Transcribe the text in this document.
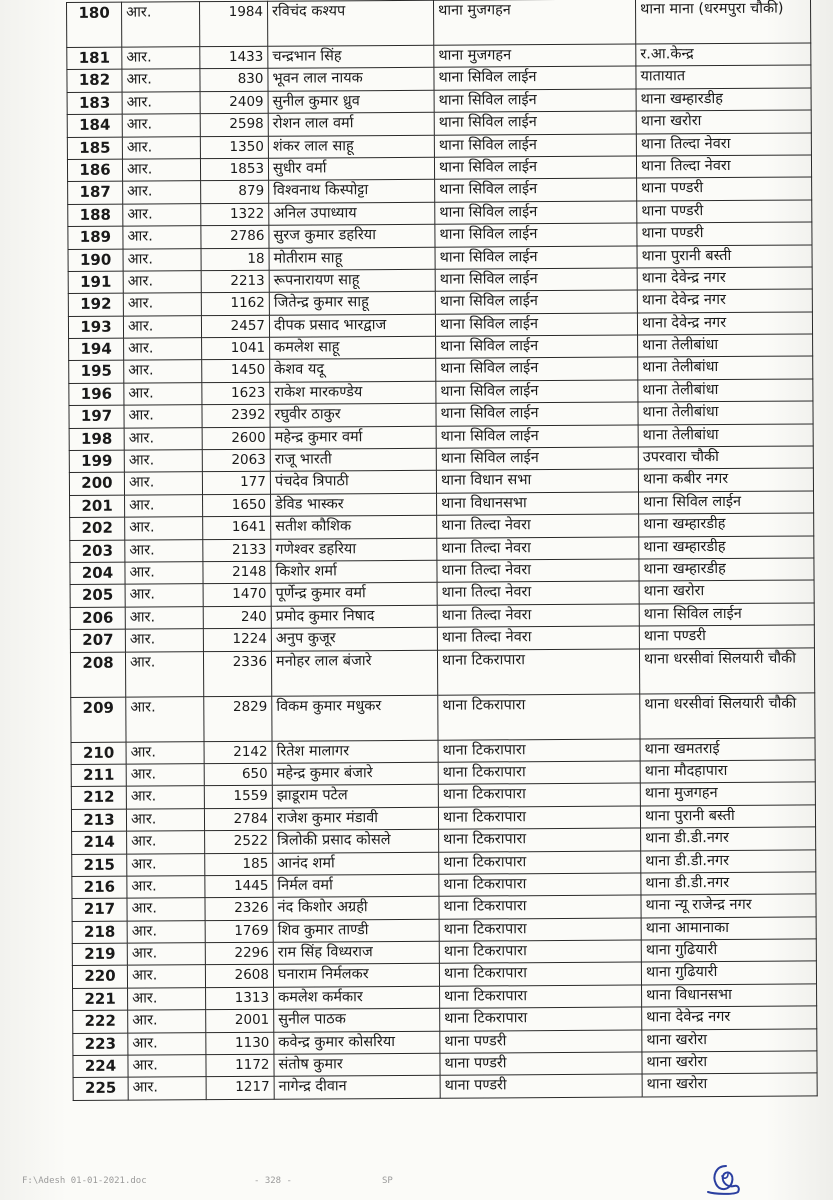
180	आर.	1984	रविचंद कश्यप	थाना मुजगहन	थाना माना (धरमपुरा चौकी)
181	आर.	1433	चन्द्रभान सिंह	थाना मुजगहन	र.आ.केन्द्र
182	आर.	830	भूवन लाल नायक	थाना सिविल लाईन	यातायात
183	आर.	2409	सुनील कुमार ध्रुव	थाना सिविल लाईन	थाना खम्हारडीह
184	आर.	2598	रोशन लाल वर्मा	थाना सिविल लाईन	थाना खरोरा
185	आर.	1350	शंकर लाल साहू	थाना सिविल लाईन	थाना तिल्दा नेवरा
186	आर.	1853	सुधीर वर्मा	थाना सिविल लाईन	थाना तिल्दा नेवरा
187	आर.	879	विश्वनाथ किस्पोट्टा	थाना सिविल लाईन	थाना पण्डरी
188	आर.	1322	अनिल उपाध्याय	थाना सिविल लाईन	थाना पण्डरी
189	आर.	2786	सुरज कुमार डहरिया	थाना सिविल लाईन	थाना पण्डरी
190	आर.	18	मोतीराम साहू	थाना सिविल लाईन	थाना पुरानी बस्ती
191	आर.	2213	रूपनारायण साहू	थाना सिविल लाईन	थाना देवेन्द्र नगर
192	आर.	1162	जितेन्द्र कुमार साहू	थाना सिविल लाईन	थाना देवेन्द्र नगर
193	आर.	2457	दीपक प्रसाद भारद्वाज	थाना सिविल लाईन	थाना देवेन्द्र नगर
194	आर.	1041	कमलेश साहू	थाना सिविल लाईन	थाना तेलीबांधा
195	आर.	1450	केशव यदू	थाना सिविल लाईन	थाना तेलीबांधा
196	आर.	1623	राकेश मारकण्डेय	थाना सिविल लाईन	थाना तेलीबांधा
197	आर.	2392	रघुवीर ठाकुर	थाना सिविल लाईन	थाना तेलीबांधा
198	आर.	2600	महेन्द्र कुमार वर्मा	थाना सिविल लाईन	थाना तेलीबांधा
199	आर.	2063	राजू भारती	थाना सिविल लाईन	उपरवारा चौकी
200	आर.	177	पंचदेव त्रिपाठी	थाना विधान सभा	थाना कबीर नगर
201	आर.	1650	डेविड भास्कर	थाना विधानसभा	थाना सिविल लाईन
202	आर.	1641	सतीश कौशिक	थाना तिल्दा नेवरा	थाना खम्हारडीह
203	आर.	2133	गणेश्वर डहरिया	थाना तिल्दा नेवरा	थाना खम्हारडीह
204	आर.	2148	किशोर शर्मा	थाना तिल्दा नेवरा	थाना खम्हारडीह
205	आर.	1470	पूर्णेन्द्र कुमार वर्मा	थाना तिल्दा नेवरा	थाना खरोरा
206	आर.	240	प्रमोद कुमार निषाद	थाना तिल्दा नेवरा	थाना सिविल लाईन
207	आर.	1224	अनुप कुजूर	थाना तिल्दा नेवरा	थाना पण्डरी
208	आर.	2336	मनोहर लाल बंजारे	थाना टिकरापारा	थाना धरसीवां सिलयारी चौकी
209	आर.	2829	विकम कुमार मधुकर	थाना टिकरापारा	थाना धरसीवां सिलयारी चौकी
210	आर.	2142	रितेश मालागर	थाना टिकरापारा	थाना खमतराई
211	आर.	650	महेन्द्र कुमार बंजारे	थाना टिकरापारा	थाना मौदहापारा
212	आर.	1559	झाडूराम पटेल	थाना टिकरापारा	थाना मुजगहन
213	आर.	2784	राजेश कुमार मंडावी	थाना टिकरापारा	थाना पुरानी बस्ती
214	आर.	2522	त्रिलोकी प्रसाद कोसले	थाना टिकरापारा	थाना डी.डी.नगर
215	आर.	185	आनंद शर्मा	थाना टिकरापारा	थाना डी.डी.नगर
216	आर.	1445	निर्मल वर्मा	थाना टिकरापारा	थाना डी.डी.नगर
217	आर.	2326	नंद किशोर अग्रही	थाना टिकरापारा	थाना न्यू राजेन्द्र नगर
218	आर.	1769	शिव कुमार ताण्डी	थाना टिकरापारा	थाना आमानाका
219	आर.	2296	राम सिंह विध्यराज	थाना टिकरापारा	थाना गुढियारी
220	आर.	2608	घनाराम निर्मलकर	थाना टिकरापारा	थाना गुढियारी
221	आर.	1313	कमलेश कर्मकार	थाना टिकरापारा	थाना विधानसभा
222	आर.	2001	सुनील पाठक	थाना टिकरापारा	थाना देवेन्द्र नगर
223	आर.	1130	कवेन्द्र कुमार कोसरिया	थाना पण्डरी	थाना खरोरा
224	आर.	1172	संतोष कुमार	थाना पण्डरी	थाना खरोरा
225	आर.	1217	नागेन्द्र दीवान	थाना पण्डरी	थाना खरोरा
F:\Adesh 01-01-2021.doc	- 328 -	SP
